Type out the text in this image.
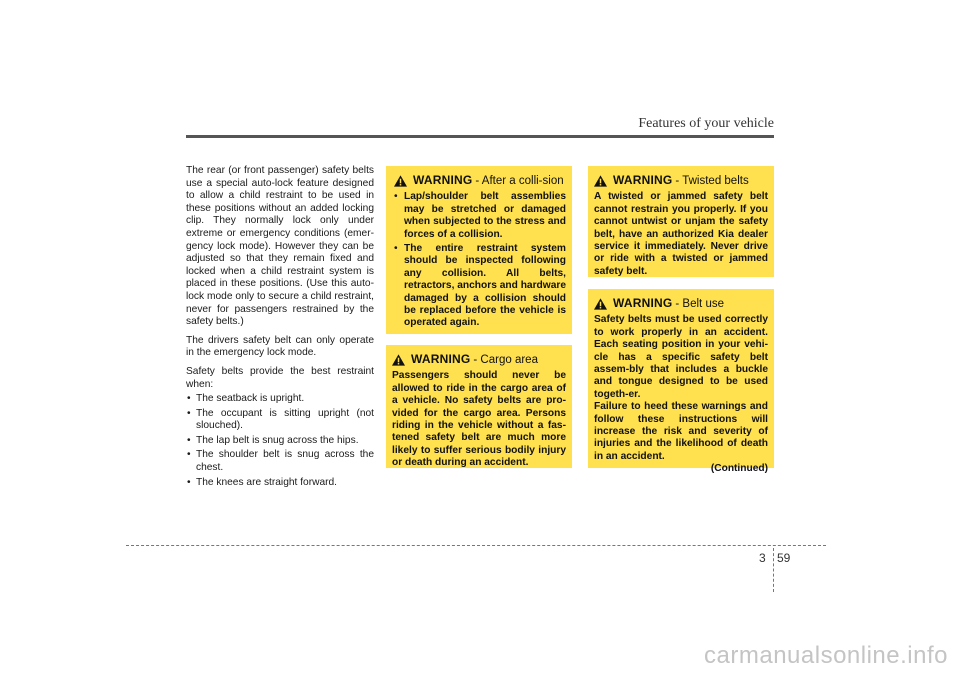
Features of your vehicle

The rear (or front passenger) safety belts use a special auto-lock feature designed to allow a child restraint to be used in these positions without an added locking clip. They normally lock only under extreme or emergency conditions (emer-gency lock mode). However they can be adjusted so that they remain fixed and locked when a child restraint system is placed in these positions. (Use this auto-lock mode only to secure a child restraint, never for passengers restrained by the safety belts.)

The drivers safety belt can only operate in the emergency lock mode.

Safety belts provide the best restraint when:

• The seatback is upright.
• The occupant is sitting upright (not slouched).
• The lap belt is snug across the hips.
• The shoulder belt is snug across the chest.
• The knees are straight forward.
WARNING - After a colli-sion
• Lap/shoulder belt assemblies may be stretched or damaged when subjected to the stress and forces of a collision.
• The entire restraint system should be inspected following any collision. All belts, retractors, anchors and hardware damaged by a collision should be replaced before the vehicle is operated again.
WARNING - Cargo area
Passengers should never be allowed to ride in the cargo area of a vehicle. No safety belts are pro-vided for the cargo area. Persons riding in the vehicle without a fas-tened safety belt are much more likely to suffer serious bodily injury or death during an accident.
WARNING - Twisted belts
A twisted or jammed safety belt cannot restrain you properly. If you cannot untwist or unjam the safety belt, have an authorized Kia dealer service it immediately. Never drive or ride with a twisted or jammed safety belt.
WARNING - Belt use
Safety belts must be used correctly to work properly in an accident. Each seating position in your vehi-cle has a specific safety belt assem-bly that includes a buckle and tongue designed to be used togeth-er.
Failure to heed these warnings and follow these instructions will increase the risk and severity of injuries and the likelihood of death in an accident.
(Continued)
3 59
carmanualsonline.info
